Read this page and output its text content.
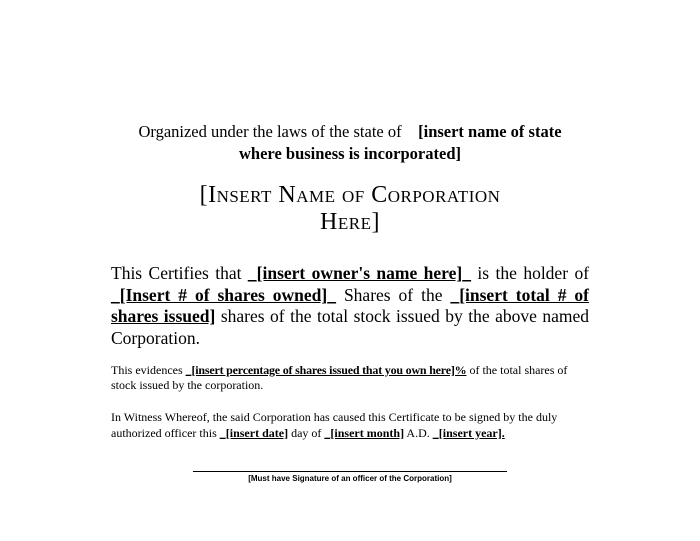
Organized under the laws of the state of [insert name of state
where business is incorporated]
[Insert Name of Corporation
Here]
This Certifies that _[insert owner's name here]_ is the holder of _[Insert # of shares owned]_ Shares of the _[insert total # of shares issued] shares of the total stock issued by the above named Corporation.
This evidences _[insert percentage of shares issued that you own here]% of the total shares of stock issued by the corporation.
In Witness Whereof, the said Corporation has caused this Certificate to be signed by the duly authorized officer this _[insert date] day of _[insert month] A.D. _[insert year].
[Must have Signature of an officer of the Corporation]
